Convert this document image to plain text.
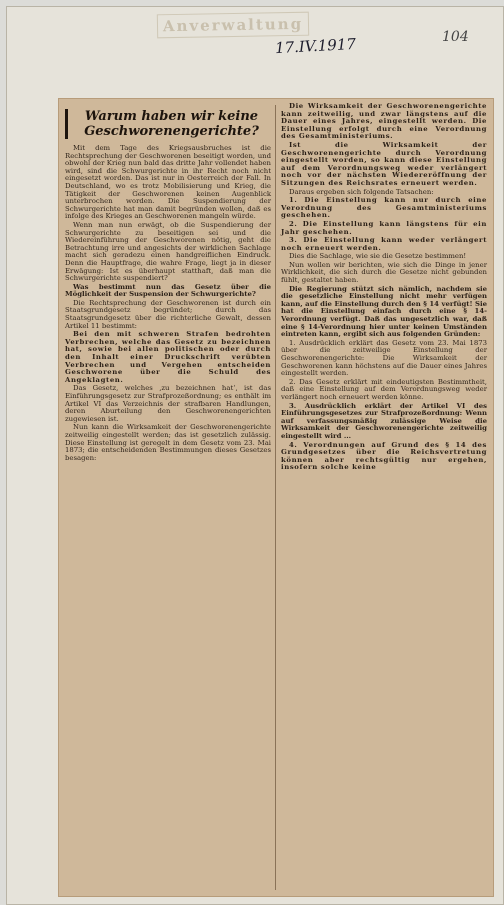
Anverwaltung
17.IV.1917	104
Warum haben wir keine Geschworenengerichte?

Mit dem Tage des Kriegsausbruches ist die Rechtsprechung der Geschworenen beseitigt worden, und obwohl der Krieg nun bald das dritte Jahr vollendet haben wird, sind die Schwurgerichte in ihr Recht noch nicht eingesetzt worden. Das ist nur in Oesterreich der Fall. In Deutschland, wo es trotz Mobilisierung und Krieg, die Tätigkeit der Geschworenen keinen Augenblick unterbrochen worden. Die Suspendierung der Schwurgerichte hat man damit begründen wollen, daß es infolge des Krieges an Geschworenen mangeln würde.

Wenn man nun erwägt, ob die Suspendierung der Schwurgerichte zu beseitigen sei und die Wiedereinführung der Geschworenen nötig, geht die Betrachtung irre und angesichts der wirklichen Sachlage macht sich geradezu einen handgreiflichen Eindruck. Denn die Hauptfrage, die wahre Frage, liegt ja in dieser Erwägung: Ist es überhaupt statthaft, daß man die Schwurgerichte suspendiert?

Was bestimmt nun das Gesetz über die Möglichkeit der Suspension der Schwurgerichte?

Die Rechtsprechung der Geschworenen ist durch ein Staatsgrundgesetz begründet; durch das Staatsgrundgesetz über die richterliche Gewalt, dessen Artikel 11 bestimmt:

Bei den mit schweren Strafen bedrohten Verbrechen, welche das Gesetz zu bezeichnen hat, sowie bei allen politischen oder durch den Inhalt einer Druckschrift verübten Verbrechen und Vergehen entscheiden Geschworene über die Schuld des Angeklagten.

Das Gesetz, welches ‚zu bezeichnen hat‘, ist das Einführungsgesetz zur Strafprozeßordnung; es enthält im Artikel VI das Verzeichnis der strafbaren Handlungen, deren Aburteilung den Geschworenengerichten zugewiesen ist.

Nun kann die Wirksamkeit der Geschworenengerichte zeitweilig eingestellt werden; das ist gesetzlich zulässig. Diese Einstellung ist geregelt in dem Gesetz vom 23. Mai 1873; die entscheidenden Bestimmungen dieses Gesetzes besagen:

Die Wirksamkeit der Geschworenengerichte kann zeitweilig, und zwar längstens auf die Dauer eines Jahres, eingestellt werden. Die Einstellung erfolgt durch eine Verordnung des Gesamtministeriums.

Ist die Wirksamkeit der Geschworenengerichte durch Verordnung eingestellt worden, so kann diese Einstellung auf dem Verordnungsweg weder verlängert noch vor der nächsten Wiedereröffnung der Sitzungen des Reichsrates erneuert werden.

Daraus ergeben sich folgende Tatsachen:

1. Die Einstellung kann nur durch eine Verordnung des Gesamtministeriums geschehen.

2. Die Einstellung kann längstens für ein Jahr geschehen.

3. Die Einstellung kann weder verlängert noch erneuert werden.

Dies die Sachlage, wie sie die Gesetze bestimmen!

Nun wollen wir berichten, wie sich die Dinge in jener Wirklichkeit, die sich durch die Gesetze nicht gebunden fühlt, gestaltet haben.

Die Regierung stützt sich nämlich, nachdem sie die gesetzliche Einstellung nicht mehr verfügen kann, auf die Einstellung durch den § 14 verfügt! Sie hat die Einstellung einfach durch eine § 14-Verordnung verfügt. Daß das ungesetzlich war, daß eine § 14-Verordnung hier unter keinen Umständen eintreten kann, ergibt sich aus folgenden Gründen:

1. Ausdrücklich erklärt das Gesetz vom 23. Mai 1873 über die zeitweilige Einstellung der Geschworenengerichte: Die Wirksamkeit der Geschworenen kann höchstens auf die Dauer eines Jahres eingestellt werden.

2. Das Gesetz erklärt mit eindeutigsten Bestimmtheit, daß eine Einstellung auf dem Verordnungsweg weder verlängert noch erneuert werden könne.

3. Ausdrücklich erklärt der Artikel VI des Einführungsgesetzes zur Strafprozeßordnung: Wenn auf verfassungsmäßig zulässige Weise die Wirksamkeit der Geschworenengerichte zeitweilig eingestellt wird ...

4. Verordnungen auf Grund des § 14 des Grundgesetzes über die Reichsvertretung können aber rechtsgültig nur ergehen, insofern solche keine
